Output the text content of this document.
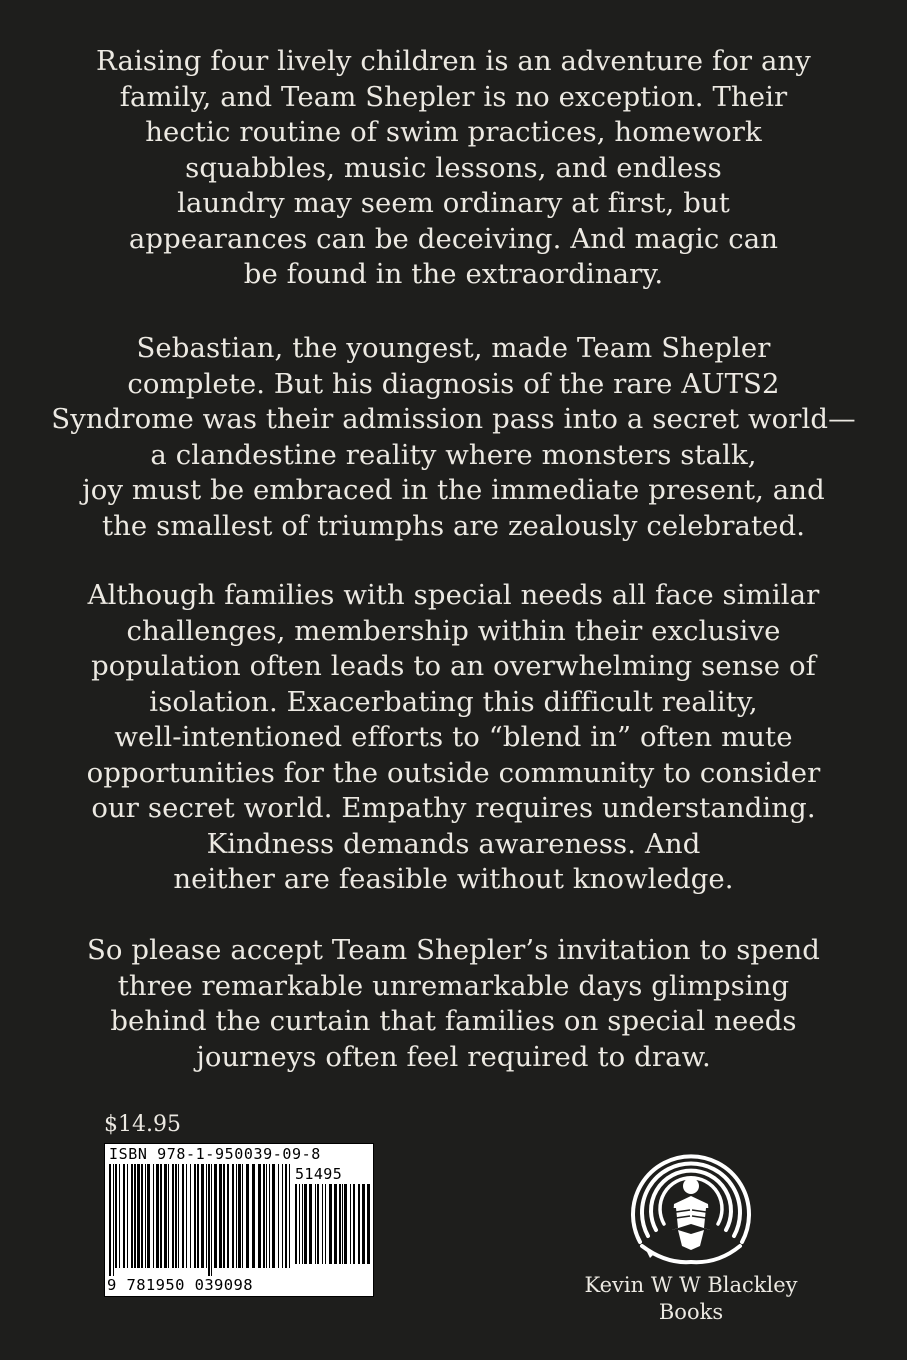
Raising four lively children is an adventure for any
family, and Team Shepler is no exception. Their
hectic routine of swim practices, homework
squabbles, music lessons, and endless
laundry may seem ordinary at first, but
appearances can be deceiving. And magic can
be found in the extraordinary.
Sebastian, the youngest, made Team Shepler
complete. But his diagnosis of the rare AUTS2
Syndrome was their admission pass into a secret world—
a clandestine reality where monsters stalk,
joy must be embraced in the immediate present, and
the smallest of triumphs are zealously celebrated.
Although families with special needs all face similar
challenges, membership within their exclusive
population often leads to an overwhelming sense of
isolation. Exacerbating this difficult reality,
well-intentioned efforts to “blend in” often mute
opportunities for the outside community to consider
our secret world. Empathy requires understanding.
Kindness demands awareness. And
neither are feasible without knowledge.
So please accept Team Shepler’s invitation to spend
three remarkable unremarkable days glimpsing
behind the curtain that families on special needs
journeys often feel required to draw.
$14.95
ISBN 978-1-950039-09-8
51495
9 781950 039098	Kevin W W Blackley
Books
